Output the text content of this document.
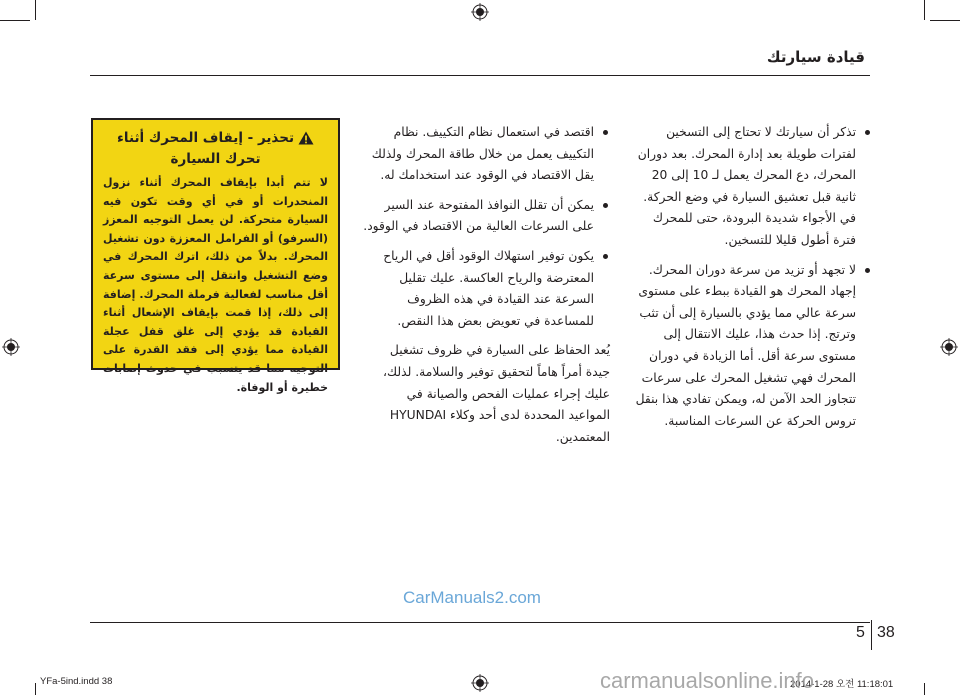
قيادة سيارتك
تذكر أن سيارتك لا تحتاج إلى التسخين لفترات طويلة بعد إدارة المحرك. بعد دوران المحرك، دع المحرك يعمل لـ 10 إلى 20 ثانية قبل تعشيق السيارة في وضع الحركة. في الأجواء شديدة البرودة، حتى للمحرك فترة أطول قليلا للتسخين.
لا تجهد أو تزيد من سرعة دوران المحرك. إجهاد المحرك هو القيادة ببطء على مستوى سرعة عالي مما يؤدي بالسيارة إلى أن تثب وترتج. إذا حدث هذا، عليك الانتقال إلى مستوى سرعة أقل. أما الزيادة في دوران المحرك فهي تشغيل المحرك على سرعات تتجاوز الحد الآمن له، ويمكن تفادي هذا بنقل تروس الحركة عن السرعات المناسبة.
اقتصد في استعمال نظام التكييف. نظام التكييف يعمل من خلال طاقة المحرك ولذلك يقل الاقتصاد في الوقود عند استخدامك له.
يمكن أن تقلل النوافذ المفتوحة عند السير على السرعات العالية من الاقتصاد في الوقود.
يكون توفير استهلاك الوقود أقل في الرياح المعترضة والرياح العاكسة. عليك تقليل السرعة عند القيادة في هذه الظروف للمساعدة في تعويض بعض هذا النقص.

يُعد الحفاظ على السيارة في ظروف تشغيل جيدة أمراً هاماً لتحقيق توفير والسلامة. لذلك، عليك إجراء عمليات الفحص والصيانة في المواعيد المحددة لدى أحد وكلاء HYUNDAI المعتمدين.

تحذير - إيقاف المحرك أثناء
تحرك السيارة
لا تتم أبدا بإيقاف المحرك أثناء نزول المنحدرات أو في أي وقت تكون فيه السيارة متحركة. لن يعمل التوجيه المعزز (السرفو) أو الفرامل المعززة دون تشغيل المحرك. بدلاً من ذلك، اترك المحرك في وضع التشغيل وانتقل إلى مستوى سرعة أقل مناسب لفعالية فرملة المحرك. إضافة إلى ذلك، إذا قمت بإيقاف الإشعال أثناء القيادة قد يؤدي إلى غلق قفل عجلة القيادة مما يؤدي إلى فقد القدرة على التوجيه مما قد يتسبب في حدوث إصابات خطيرة أو الوفاة.
CarManuals2.com
5 38
YFa-5ind.indd 38	2014-1-28 오전 11:18:01
carmanualsonline.info
